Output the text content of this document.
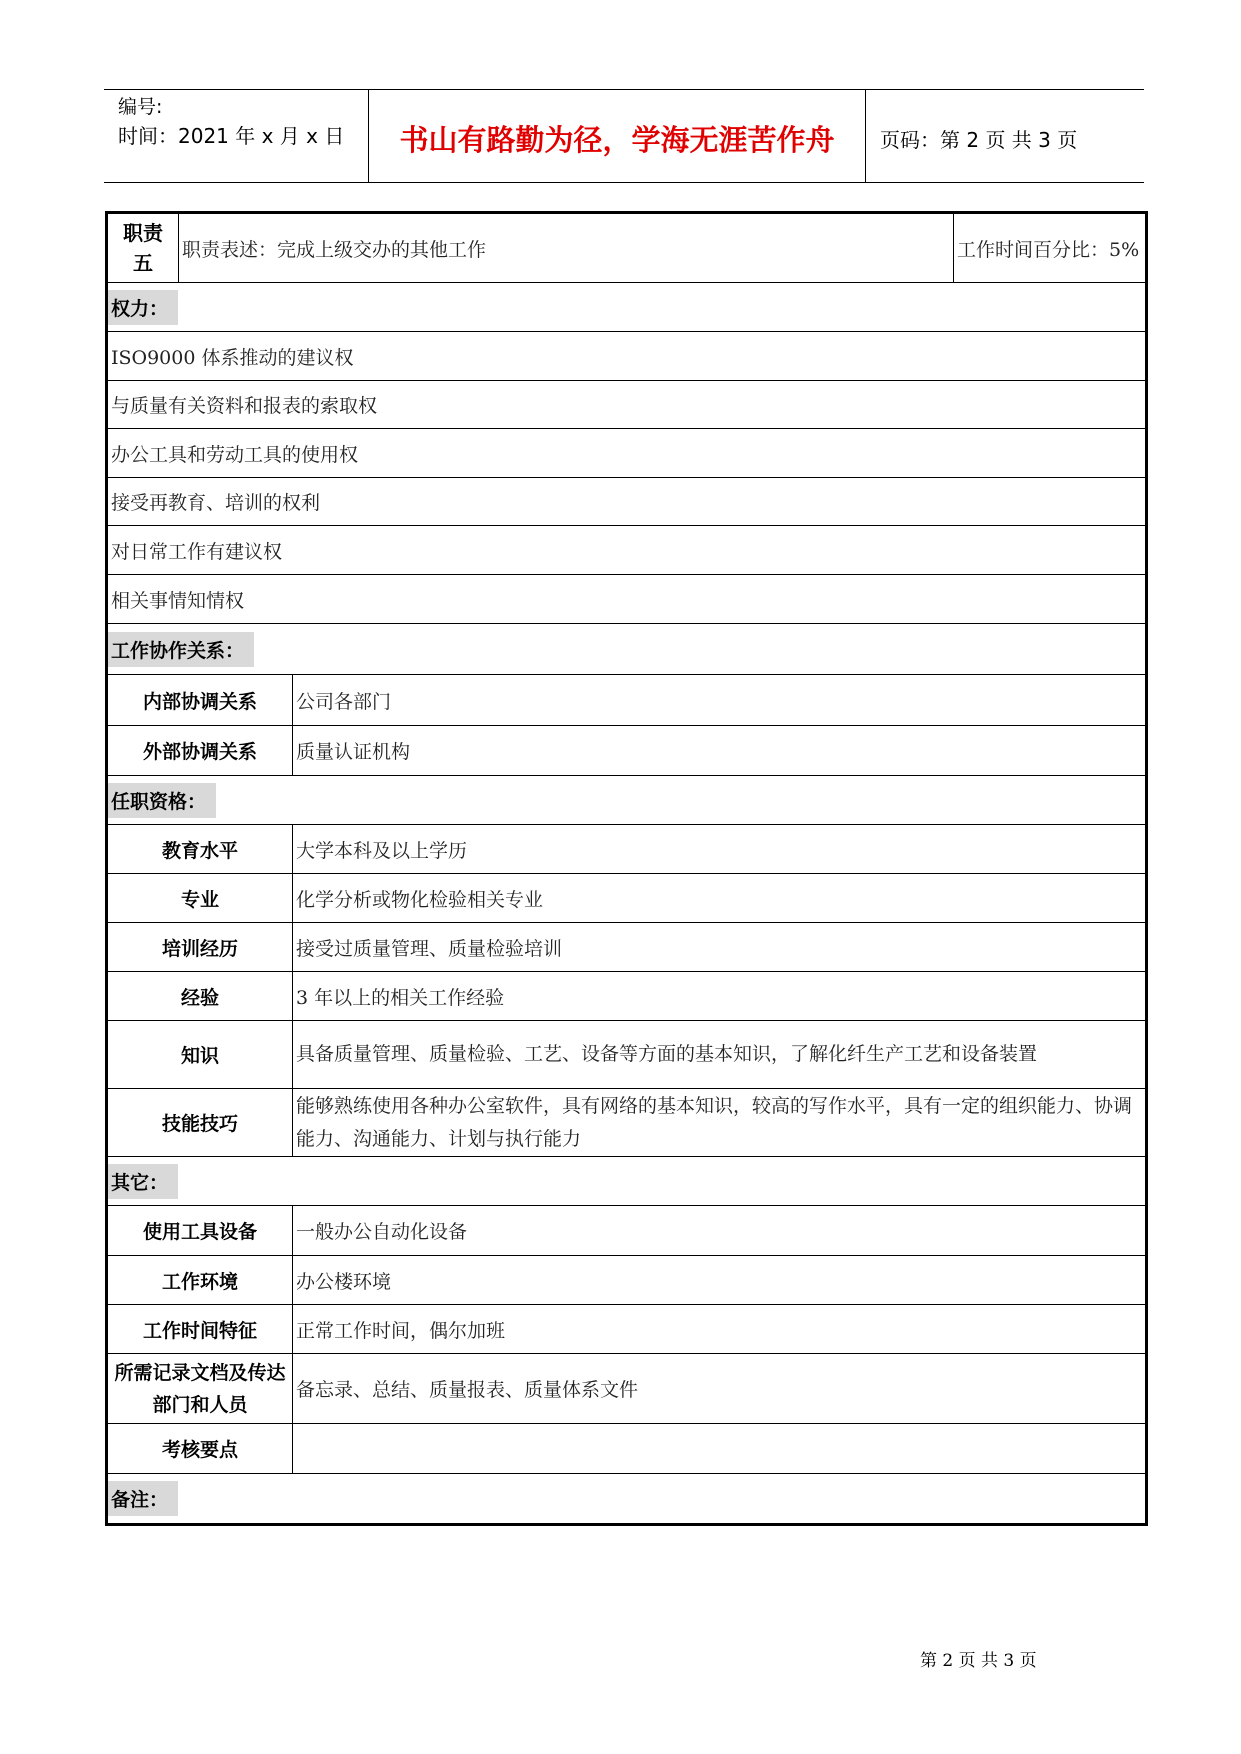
编号:
时间：2021 年 x 月 x 日	书山有路勤为径，学海无涯苦作舟	页码：第 2 页 共 3 页
职责五	职责表述：完成上级交办的其他工作		工作时间百分比：5%
权力：			
ISO9000 体系推动的建议权			
与质量有关资料和报表的索取权			
办公工具和劳动工具的使用权			
接受再教育、培训的权利			
对日常工作有建议权			
相关事情知情权			
工作协作关系：			
内部协调关系		公司各部门	
外部协调关系		质量认证机构	
任职资格：			
教育水平		大学本科及以上学历	
专业		化学分析或物化检验相关专业	
培训经历		接受过质量管理、质量检验培训	
经验		3 年以上的相关工作经验	
知识		具备质量管理、质量检验、工艺、设备等方面的基本知识，了解化纤生产工艺和设备装置	
技能技巧		能够熟练使用各种办公室软件，具有网络的基本知识，较高的写作水平，具有一定的组织能力、协调能力、沟通能力、计划与执行能力	
其它：			
使用工具设备		一般办公自动化设备	
工作环境		办公楼环境	
工作时间特征		正常工作时间，偶尔加班	
所需记录文档及传达部门和人员		备忘录、总结、质量报表、质量体系文件	
考核要点			
备注：			
第 2 页 共 3 页
